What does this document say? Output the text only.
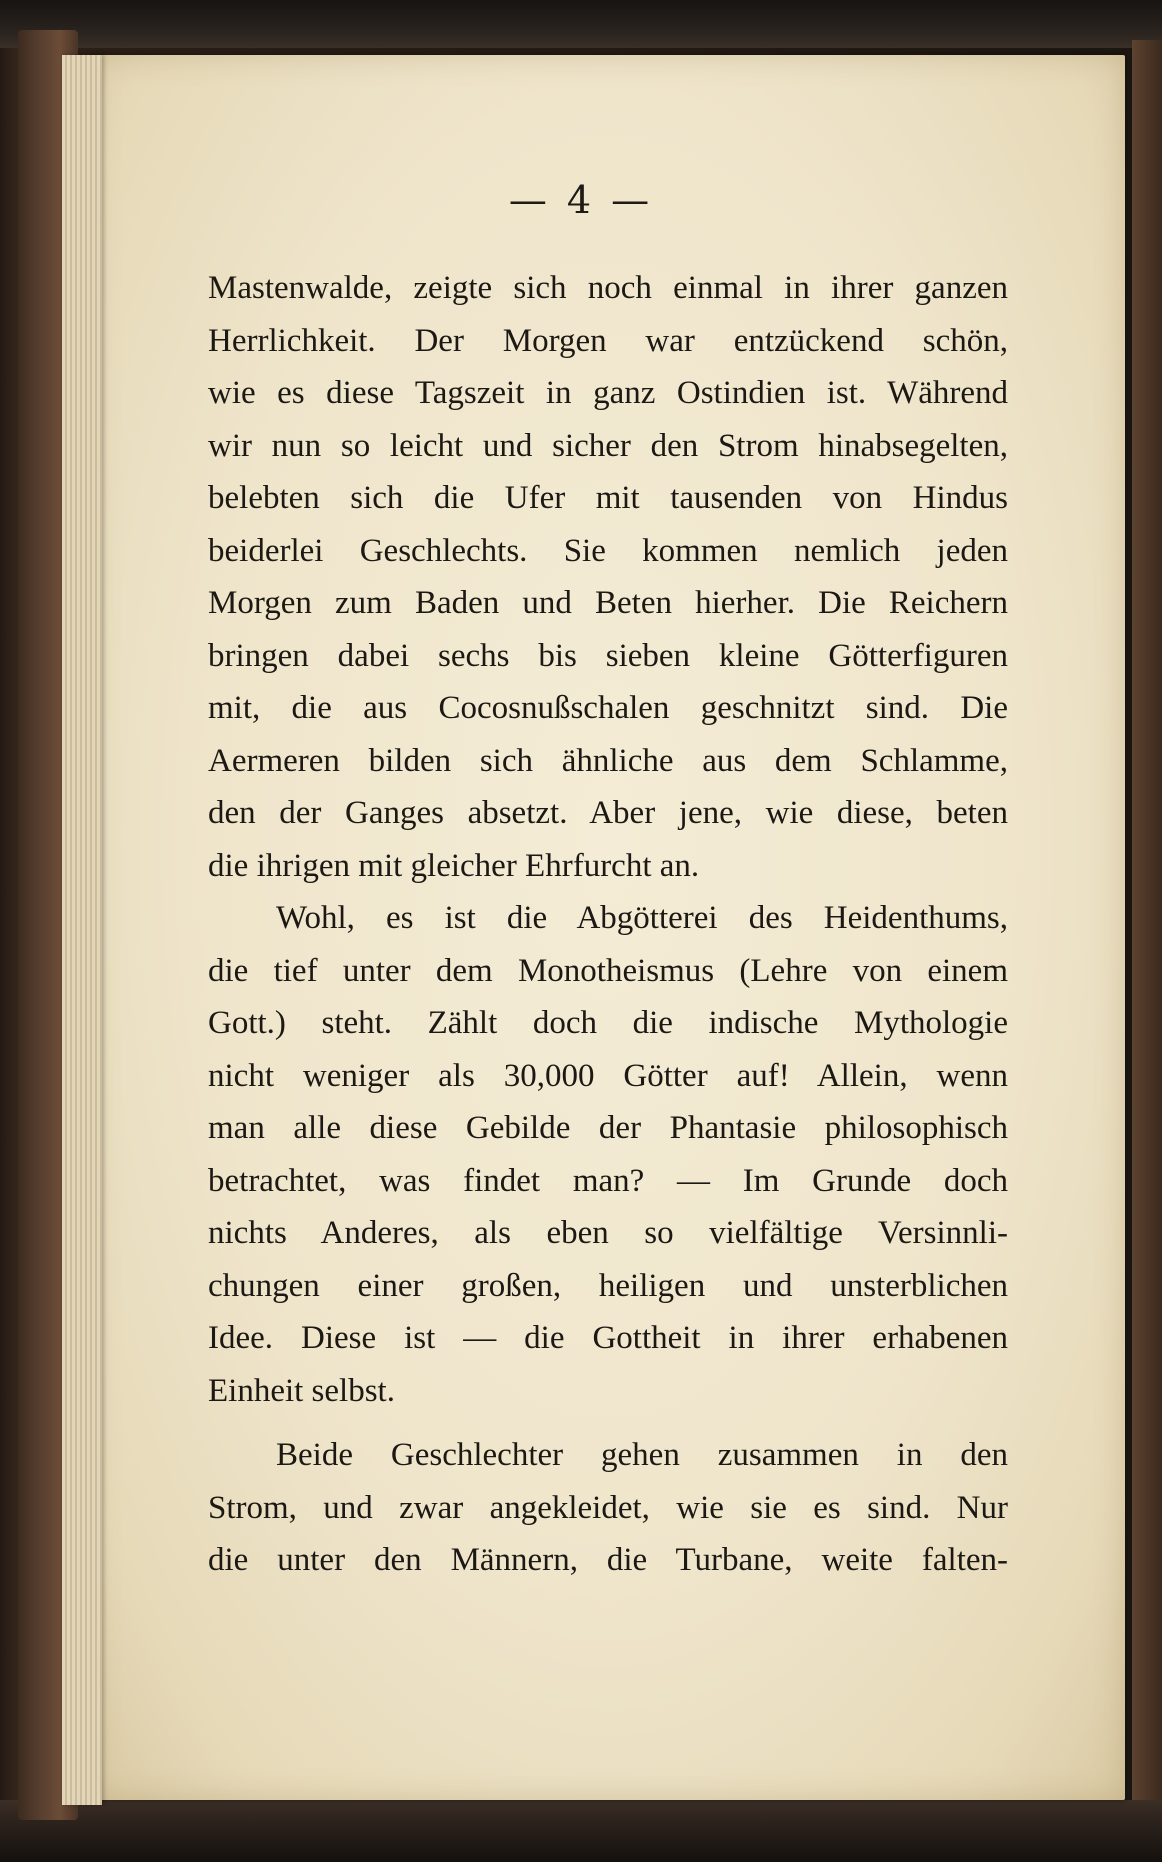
— 4 —
Mastenwalde, zeigte sich noch einmal in ihrer ganzen
Herrlichkeit. Der Morgen war entzückend schön,
wie es diese Tagszeit in ganz Ostindien ist. Während
wir nun so leicht und sicher den Strom hinabsegelten,
belebten sich die Ufer mit tausenden von Hindus
beiderlei Geschlechts. Sie kommen nemlich jeden
Morgen zum Baden und Beten hierher. Die Reichern
bringen dabei sechs bis sieben kleine Götterfiguren
mit, die aus Cocosnußschalen geschnitzt sind. Die
Aermeren bilden sich ähnliche aus dem Schlamme,
den der Ganges absetzt. Aber jene, wie diese, beten
die ihrigen mit gleicher Ehrfurcht an.
Wohl, es ist die Abgötterei des Heidenthums,
die tief unter dem Monotheismus (Lehre von einem
Gott.) steht. Zählt doch die indische Mythologie
nicht weniger als 30,000 Götter auf! Allein, wenn
man alle diese Gebilde der Phantasie philosophisch
betrachtet, was findet man? — Im Grunde doch
nichts Anderes, als eben so vielfältige Versinnli-
chungen einer großen, heiligen und unsterblichen
Idee. Diese ist — die Gottheit in ihrer erhabenen
Einheit selbst.
Beide Geschlechter gehen zusammen in den
Strom, und zwar angekleidet, wie sie es sind. Nur
die unter den Männern, die Turbane, weite falten-
